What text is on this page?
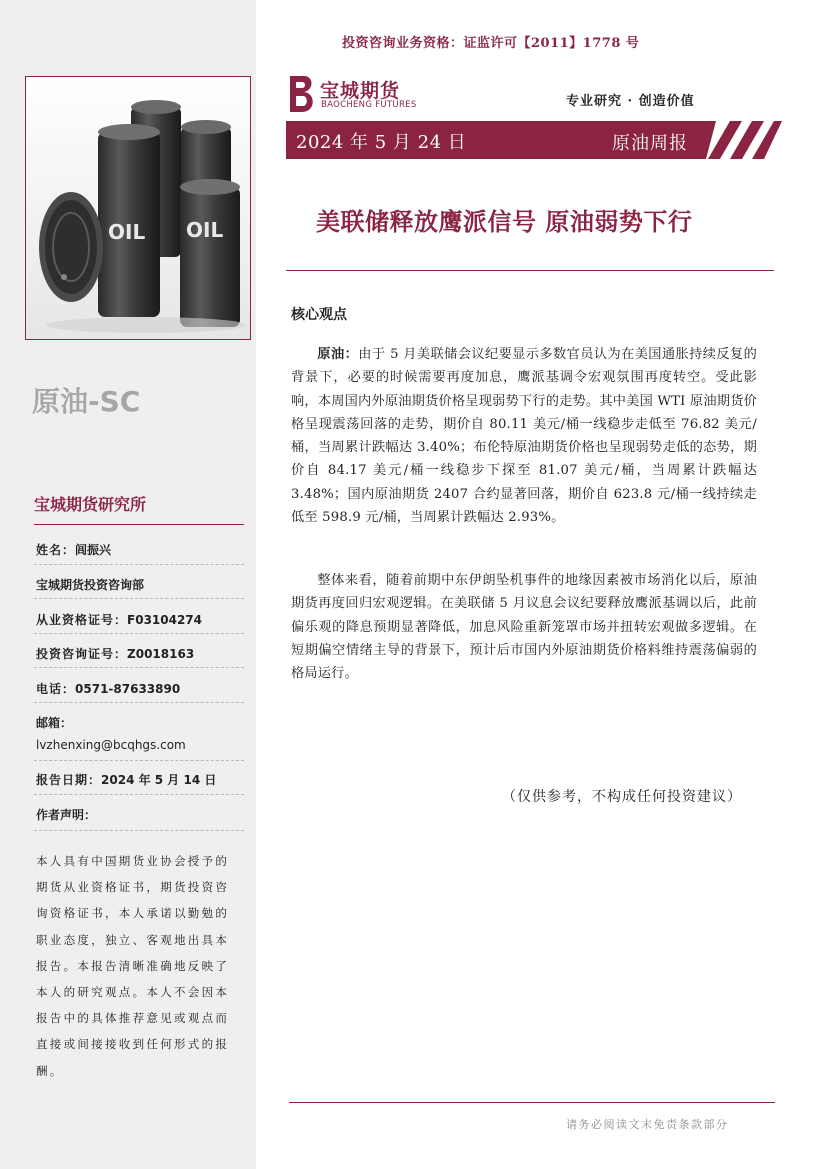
OIL OIL
原油-SC
宝城期货研究所
姓名：闾振兴
宝城期货投资咨询部
从业资格证号：F03104274
投资咨询证号：Z0018163
电话：0571-87633890
邮箱：
lvzhenxing@bcqhgs.com
报告日期：2024 年 5 月 14 日
作者声明：
本人具有中国期货业协会授予的期货从业资格证书，期货投资咨询资格证书，本人承诺以勤勉的职业态度，独立、客观地出具本报告。本报告清晰准确地反映了本人的研究观点。本人不会因本报告中的具体推荐意见或观点而直接或间接接收到任何形式的报酬。
投资咨询业务资格：证监许可【2011】1778 号
宝城期货
BAOCHENG FUTURES	专业研究 · 创造价值
2024 年 5 月 24 日	原油周报
美联储释放鹰派信号 原油弱势下行
核心观点

原油：由于 5 月美联储会议纪要显示多数官员认为在美国通胀持续反复的背景下，必要的时候需要再度加息，鹰派基调令宏观氛围再度转空。受此影响，本周国内外原油期货价格呈现弱势下行的走势。其中美国 WTI 原油期货价格呈现震荡回落的走势，期价自 80.11 美元/桶一线稳步走低至 76.82 美元/桶，当周累计跌幅达 3.40%；布伦特原油期货价格也呈现弱势走低的态势，期价自 84.17 美元/桶一线稳步下探至 81.07 美元/桶，当周累计跌幅达 3.48%；国内原油期货 2407 合约显著回落，期价自 623.8 元/桶一线持续走低至 598.9 元/桶，当周累计跌幅达 2.93%。

整体来看，随着前期中东伊朗坠机事件的地缘因素被市场消化以后，原油期货再度回归宏观逻辑。在美联储 5 月议息会议纪要释放鹰派基调以后，此前偏乐观的降息预期显著降低，加息风险重新笼罩市场并扭转宏观做多逻辑。在短期偏空情绪主导的背景下，预计后市国内外原油期货价格料维持震荡偏弱的格局运行。

（仅供参考，不构成任何投资建议）
请务必阅读文末免责条款部分
